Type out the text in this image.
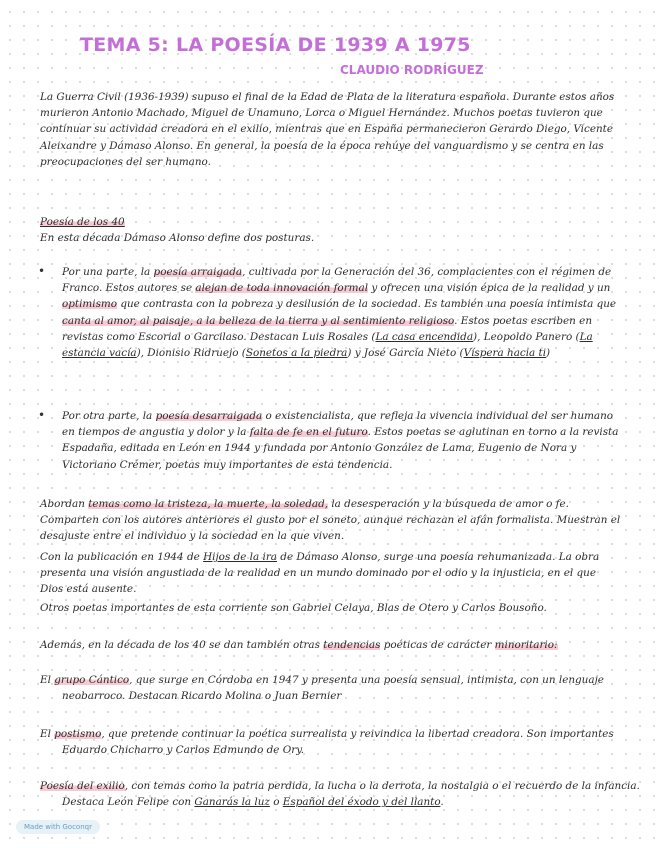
TEMA 5: LA POESÍA DE 1939 A 1975
CLAUDIO RODRÍGUEZ
La Guerra Civil (1936-1939) supuso el final de la Edad de Plata de la literatura española. Durante estos años murieron Antonio Machado, Miguel de Unamuno, Lorca o Miguel Hernández. Muchos poetas tuvieron que continuar su actividad creadora en el exilio, mientras que en España permanecieron Gerardo Diego, Vicente Aleixandre y Dámaso Alonso. En general, la poesía de la época rehúye del vanguardismo y se centra en las preocupaciones del ser humano.
Poesía de los 40
En esta década Dámaso Alonso define dos posturas.
• Por una parte, la poesía arraigada, cultivada por la Generación del 36, complacientes con el régimen de Franco. Estos autores se alejan de toda innovación formal y ofrecen una visión épica de la realidad y un optimismo que contrasta con la pobreza y desilusión de la sociedad. Es también una poesía intimista que canta al amor, al paisaje, a la belleza de la tierra y al sentimiento religioso. Estos poetas escriben en revistas como Escorial o Garcilaso. Destacan Luis Rosales (La casa encendida), Leopoldo Panero (La estancia vacía), Dionisio Ridruejo (Sonetos a la piedra) y José García Nieto (Víspera hacia ti)
• Por otra parte, la poesía desarraigada o existencialista, que refleja la vivencia individual del ser humano en tiempos de angustia y dolor y la falta de fe en el futuro. Estos poetas se aglutinan en torno a la revista Espadaña, editada en León en 1944 y fundada por Antonio González de Lama, Eugenio de Nora y Victoriano Crémer, poetas muy importantes de esta tendencia.
Abordan temas como la tristeza, la muerte, la soledad, la desesperación y la búsqueda de amor o fe. Comparten con los autores anteriores el gusto por el soneto, aunque rechazan el afán formalista. Muestran el desajuste entre el individuo y la sociedad en la que viven.
Con la publicación en 1944 de Hijos de la ira de Dámaso Alonso, surge una poesía rehumanizada. La obra presenta una visión angustiada de la realidad en un mundo dominado por el odio y la injusticia, en el que Dios está ausente.
Otros poetas importantes de esta corriente son Gabriel Celaya, Blas de Otero y Carlos Bousoño.
Además, en la década de los 40 se dan también otras tendencias poéticas de carácter minoritario:
El grupo Cántico, que surge en Córdoba en 1947 y presenta una poesía sensual, intimista, con un lenguaje neobarroco. Destacan Ricardo Molina o Juan Bernier
El postismo, que pretende continuar la poética surrealista y reivindica la libertad creadora. Son importantes Eduardo Chicharro y Carlos Edmundo de Ory.
Poesía del exilio, con temas como la patria perdida, la lucha o la derrota, la nostalgia o el recuerdo de la infancia. Destaca León Felipe con Ganarás la luz o Español del éxodo y del llanto.
Made with Goconqr
